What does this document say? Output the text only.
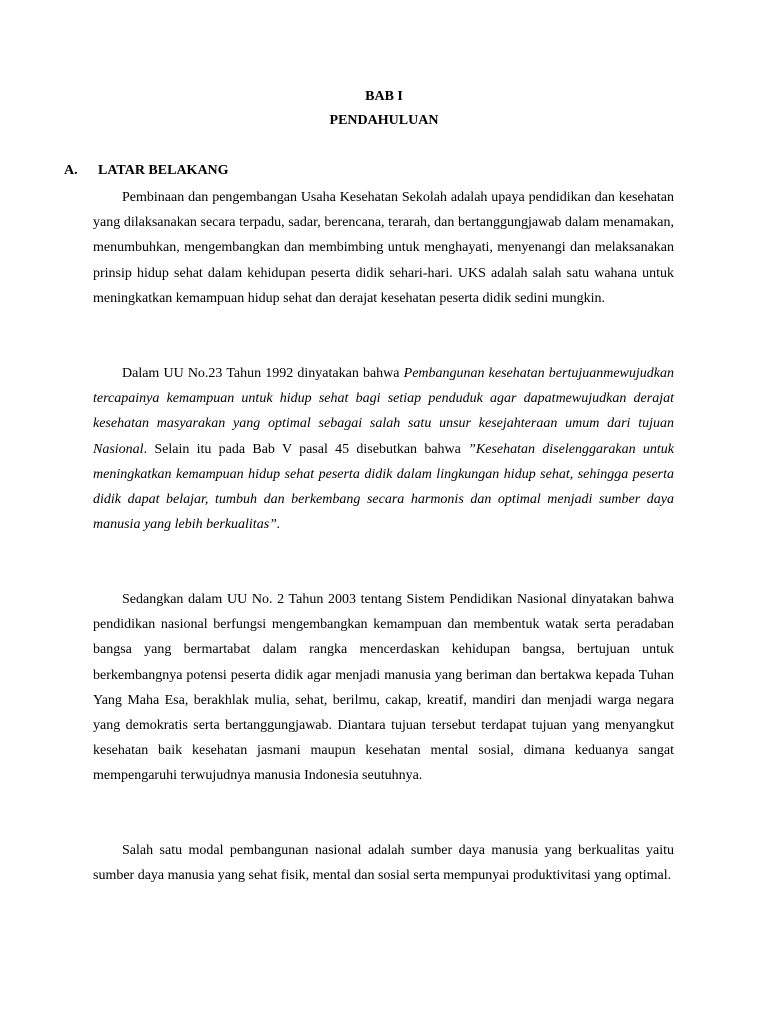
BAB I
PENDAHULUAN
A. LATAR BELAKANG

Pembinaan dan pengembangan Usaha Kesehatan Sekolah adalah upaya pendidikan dan kesehatan yang dilaksanakan secara terpadu, sadar, berencana, terarah, dan bertanggungjawab dalam menamakan, menumbuhkan, mengembangkan dan membimbing untuk menghayati, menyenangi dan melaksanakan prinsip hidup sehat dalam kehidupan peserta didik sehari-hari. UKS adalah salah satu wahana untuk meningkatkan kemampuan hidup sehat dan derajat kesehatan peserta didik sedini mungkin.

Dalam UU No.23 Tahun 1992 dinyatakan bahwa Pembangunan kesehatan bertujuanmewujudkan tercapainya kemampuan untuk hidup sehat bagi setiap penduduk agar dapatmewujudkan derajat kesehatan masyarakan yang optimal sebagai salah satu unsur kesejahteraan umum dari tujuan Nasional. Selain itu pada Bab V pasal 45 disebutkan bahwa ”Kesehatan diselenggarakan untuk meningkatkan kemampuan hidup sehat peserta didik dalam lingkungan hidup sehat, sehingga peserta didik dapat belajar, tumbuh dan berkembang secara harmonis dan optimal menjadi sumber daya manusia yang lebih berkualitas”.

Sedangkan dalam UU No. 2 Tahun 2003 tentang Sistem Pendidikan Nasional dinyatakan bahwa pendidikan nasional berfungsi mengembangkan kemampuan dan membentuk watak serta peradaban bangsa yang bermartabat dalam rangka mencerdaskan kehidupan bangsa, bertujuan untuk berkembangnya potensi peserta didik agar menjadi manusia yang beriman dan bertakwa kepada Tuhan Yang Maha Esa, berakhlak mulia, sehat, berilmu, cakap, kreatif, mandiri dan menjadi warga negara yang demokratis serta bertanggungjawab. Diantara tujuan tersebut terdapat tujuan yang menyangkut kesehatan baik kesehatan jasmani maupun kesehatan mental sosial, dimana keduanya sangat mempengaruhi terwujudnya manusia Indonesia seutuhnya.

Salah satu modal pembangunan nasional adalah sumber daya manusia yang berkualitas yaitu sumber daya manusia yang sehat fisik, mental dan sosial serta mempunyai produktivitasi yang optimal.
